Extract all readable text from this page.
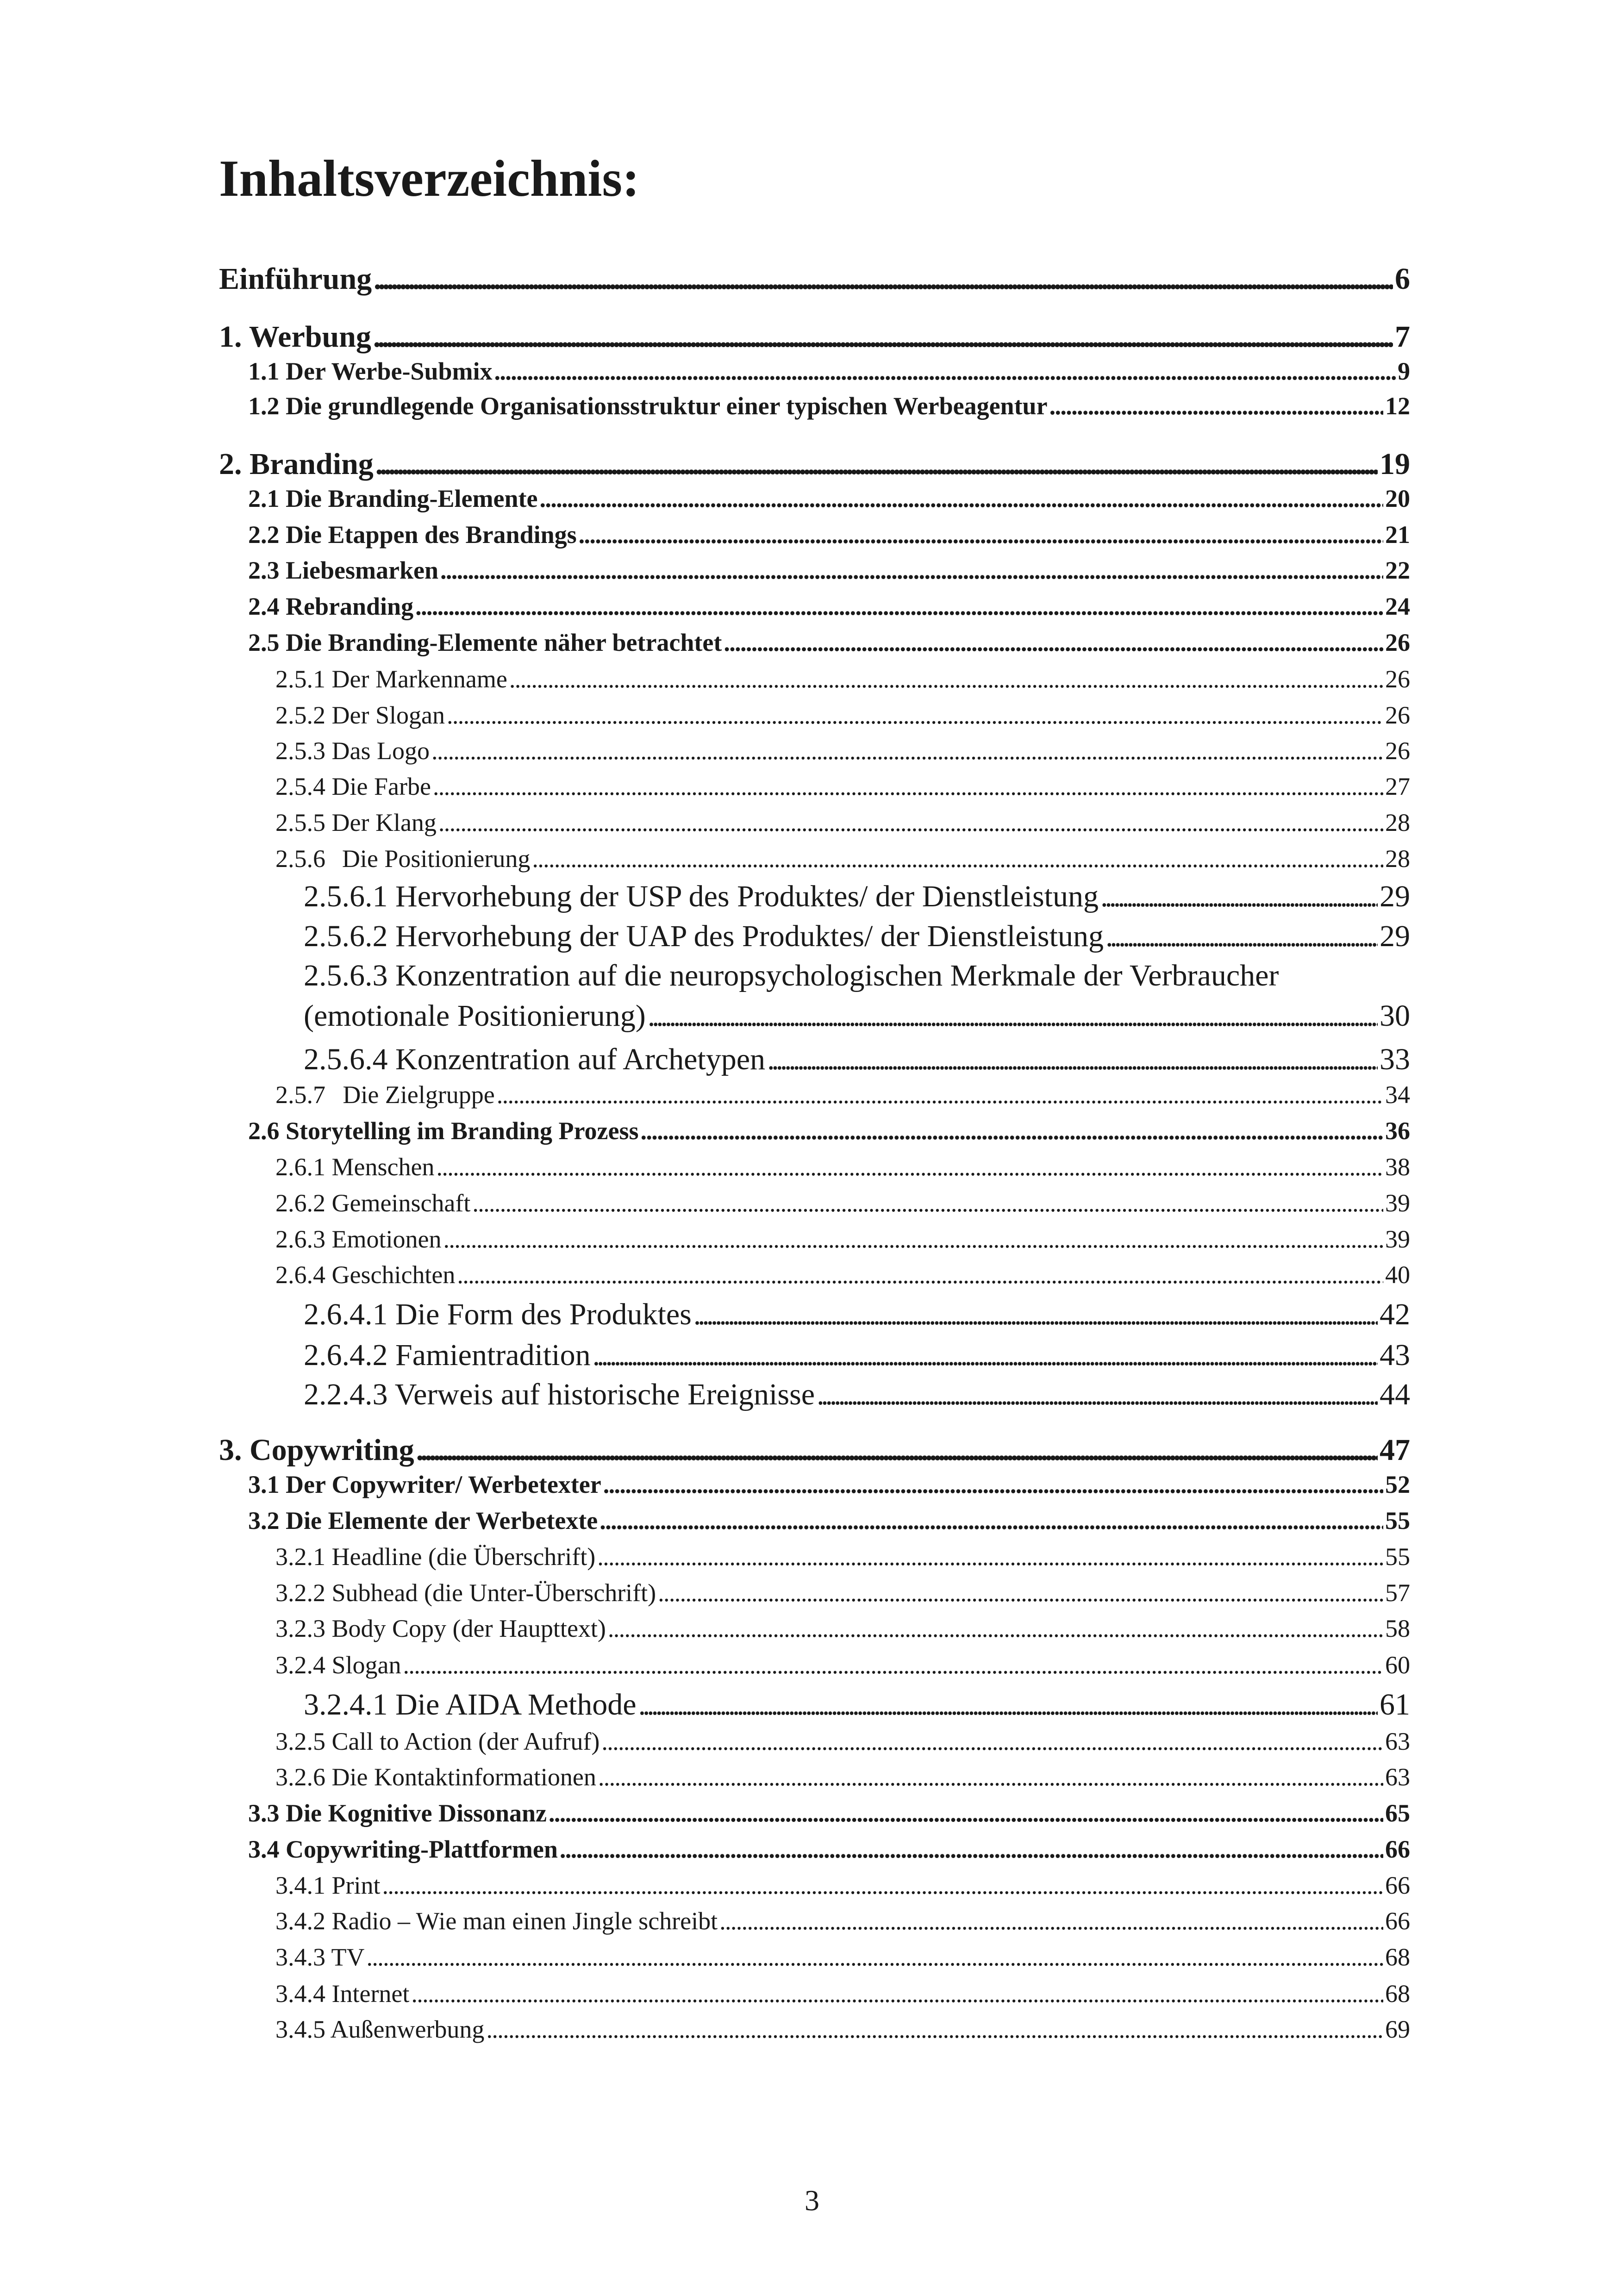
Inhaltsverzeichnis:
Einführung . . .	6
1. Werbung . . .	7
1.1 Der Werbe-Submix . . .	9
1.2 Die grundlegende Organisationsstruktur einer typischen Werbeagentur . . .	12
2. Branding . . .	19
2.1 Die Branding-Elemente . . .	20
2.2 Die Etappen des Brandings . . .	21
2.3 Liebesmarken . . .	22
2.4 Rebranding . . .	24
2.5 Die Branding-Elemente näher betrachtet . . .	26
2.5.1 Der Markenname . . .	26
2.5.2 Der Slogan . . .	26
2.5.3 Das Logo . . .	26
2.5.4 Die Farbe . . .	27
2.5.5 Der Klang . . .	28
2.5.6 Die Positionierung . . .	28
2.5.6.1 Hervorhebung der USP des Produktes/ der Dienstleistung . . .	29
2.5.6.2 Hervorhebung der UAP des Produktes/ der Dienstleistung . . .	29
2.5.6.3 Konzentration auf die neuropsychologischen Merkmale der Verbraucher
(emotionale Positionierung) . . .	30
2.5.6.4 Konzentration auf Archetypen . . .	33
2.5.7 Die Zielgruppe . . .	34
2.6 Storytelling im Branding Prozess . . .	36
2.6.1 Menschen . . .	38
2.6.2 Gemeinschaft . . .	39
2.6.3 Emotionen . . .	39
2.6.4 Geschichten . . .	40
2.6.4.1 Die Form des Produktes . . .	42
2.6.4.2 Famientradition . . .	43
2.2.4.3 Verweis auf historische Ereignisse . . .	44
3. Copywriting . . .	47
3.1 Der Copywriter/ Werbetexter . . .	52
3.2 Die Elemente der Werbetexte . . .	55
3.2.1 Headline (die Überschrift) . . .	55
3.2.2 Subhead (die Unter-Überschrift) . . .	57
3.2.3 Body Copy (der Haupttext) . . .	58
3.2.4 Slogan . . .	60
3.2.4.1 Die AIDA Methode . . .	61
3.2.5 Call to Action (der Aufruf) . . .	63
3.2.6 Die Kontaktinformationen . . .	63
3.3 Die Kognitive Dissonanz . . .	65
3.4 Copywriting-Plattformen . . .	66
3.4.1 Print . . .	66
3.4.2 Radio – Wie man einen Jingle schreibt . . .	66
3.4.3 TV . . .	68
3.4.4 Internet . . .	68
3.4.5 Außenwerbung . . .	69
3
